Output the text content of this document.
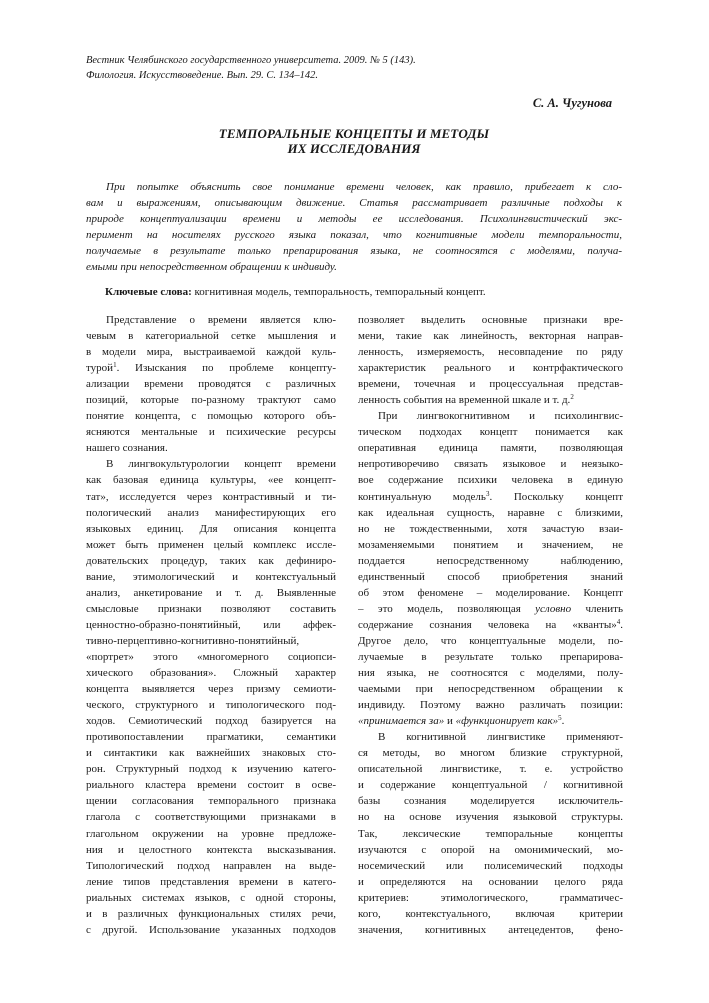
Вестник Челябинского государственного университета. 2009. № 5 (143).
Филология. Искусствоведение. Вып. 29. С. 134–142.
С. А. Чугунова
ТЕМПОРАЛЬНЫЕ КОНЦЕПТЫ И МЕТОДЫ
ИХ ИССЛЕДОВАНИЯ
При попытке объяснить свое понимание времени человек, как правило, прибегает к сло-
вам и выражениям, описывающим движение. Статья рассматривает различные подходы к
природе концептуализации времени и методы ее исследования. Психолингвистический экс-
перимент на носителях русского языка показал, что когнитивные модели темпоральности,
получаемые в результате только препарирования языка, не соотносятся с моделями, получа-
емыми при непосредственном обращении к индивиду.
Ключевые слова: когнитивная модель, темпоральность, темпоральный концепт.
Представление о времени является клю-
чевым в категориальной сетке мышления и
в модели мира, выстраиваемой каждой куль-
турой$^1$. Изыскания по проблеме концепту-
ализации времени проводятся с различных
позиций, которые по-разному трактуют само
понятие концепта, с помощью которого объ-
ясняются ментальные и психические ресурсы
нашего сознания.
В лингвокультурологии концепт времени
как базовая единица культуры, «ее концепт-
тат», исследуется через контрастивный и ти-
пологический анализ манифестирующих его
языковых единиц. Для описания концепта
может быть применен целый комплекс иссле-
довательских процедур, таких как дефиниро-
вание, этимологический и контекстуальный
анализ, анкетирование и т. д. Выявленные
смысловые признаки позволяют составить
ценностно-образно-понятийный, или аффек-
тивно-перцептивно-когнитивно-понятийный,
«портрет» этого «многомерного социопси-
хического образования». Сложный характер
концепта выявляется через призму семиоти-
ческого, структурного и типологического под-
ходов. Семиотический подход базируется на
противопоставлении прагматики, семантики
и синтактики как важнейших знаковых сто-
рон. Структурный подход к изучению катего-
риального кластера времени состоит в осве-
щении согласования темпорального признака
глагола с соответствующими признаками в
глагольном окружении на уровне предложе-
ния и целостного контекста высказывания.
Типологический подход направлен на выде-
ление типов представления времени в катего-
риальных системах языков, с одной стороны,
и в различных функциональных стилях речи,
с другой. Использование указанных подходов
позволяет выделить основные признаки вре-
мени, такие как линейность, векторная направ-
ленность, измеряемость, несовпадение по ряду
характеристик реального и контрфактического
времени, точечная и процессуальная представ-
ленность события на временной шкале и т. д.$^2$
При лингвокогнитивном и психолингвис-
тическом подходах концепт понимается как
оперативная единица памяти, позволяющая
непротиворечиво связать языковое и неязыко-
вое содержание психики человека в единую
континуальную модель$^3$. Поскольку концепт
как идеальная сущность, наравне с близкими,
но не тождественными, хотя зачастую взаи-
мозаменяемыми понятием и значением, не
поддается непосредственному наблюдению,
единственный способ приобретения знаний
об этом феномене – моделирование. Концепт
– это модель, позволяющая условно членить
содержание сознания человека на «кванты»$^4$.
Другое дело, что концептуальные модели, по-
лучаемые в результате только препарирова-
ния языка, не соотносятся с моделями, полу-
чаемыми при непосредственном обращении к
индивиду. Поэтому важно различать позиции:
«принимается за» и «функционирует как»$^5$.
В когнитивной лингвистике применяют-
ся методы, во многом близкие структурной,
описательной лингвистике, т. е. устройство
и содержание концептуальной / когнитивной
базы сознания моделируется исключитель-
но на основе изучения языковой структуры.
Так, лексические темпоральные концепты
изучаются с опорой на омонимический, мо-
носемический или полисемический подходы
и определяются на основании целого ряда
критериев: этимологического, грамматичес-
кого, контекстуального, включая критерии
значения, когнитивных антецедентов, фено-
